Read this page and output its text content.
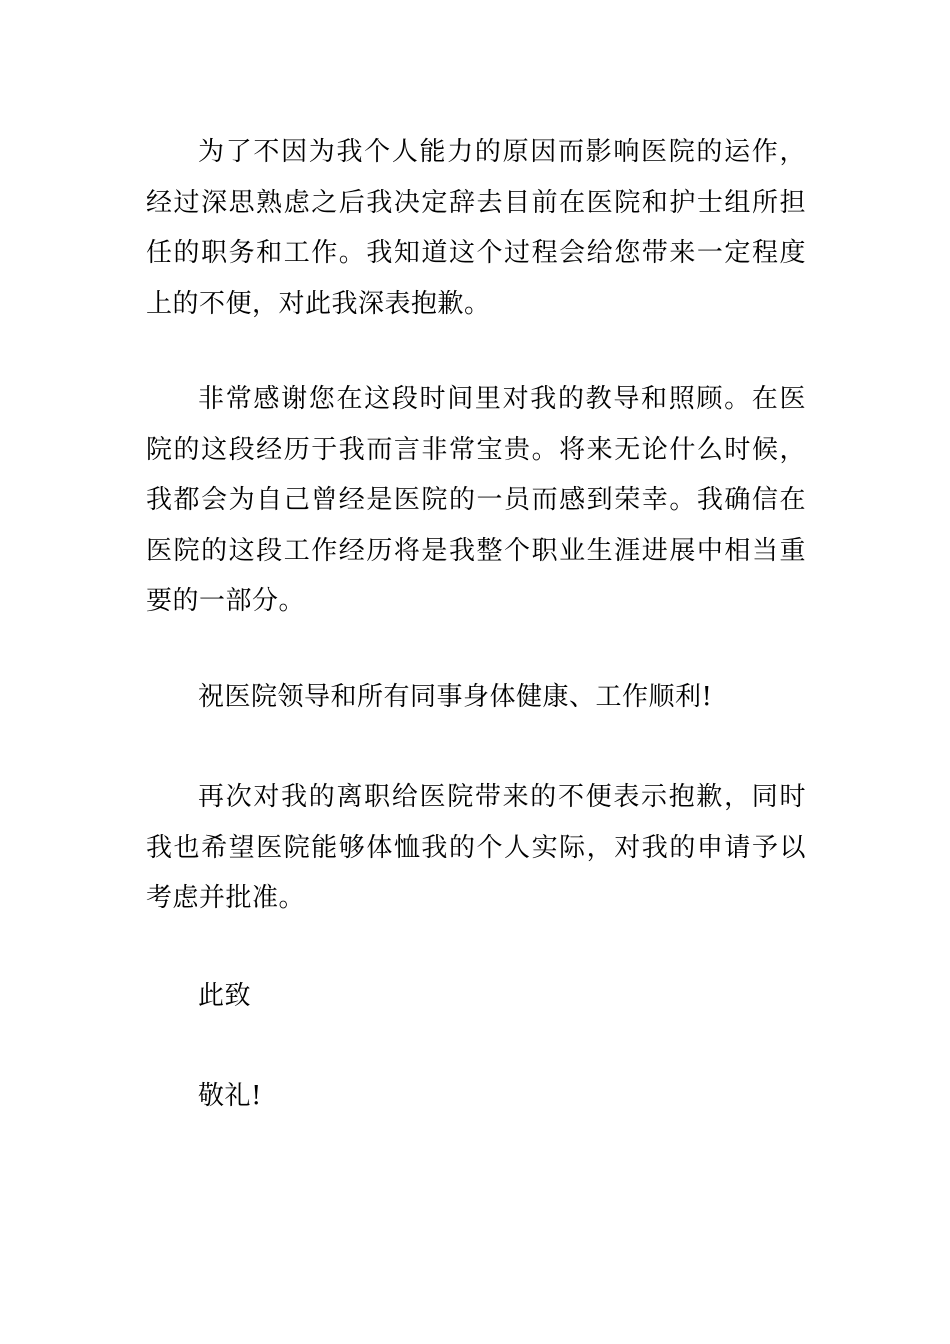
为了不因为我个人能力的原因而影响医院的运作，经过深思熟虑之后我决定辞去目前在医院和护士组所担任的职务和工作。我知道这个过程会给您带来一定程度上的不便，对此我深表抱歉。

非常感谢您在这段时间里对我的教导和照顾。在医院的这段经历于我而言非常宝贵。将来无论什么时候，我都会为自己曾经是医院的一员而感到荣幸。我确信在医院的这段工作经历将是我整个职业生涯进展中相当重要的一部分。

祝医院领导和所有同事身体健康、工作顺利!

再次对我的离职给医院带来的不便表示抱歉，同时我也希望医院能够体恤我的个人实际，对我的申请予以考虑并批准。

此致

敬礼!
